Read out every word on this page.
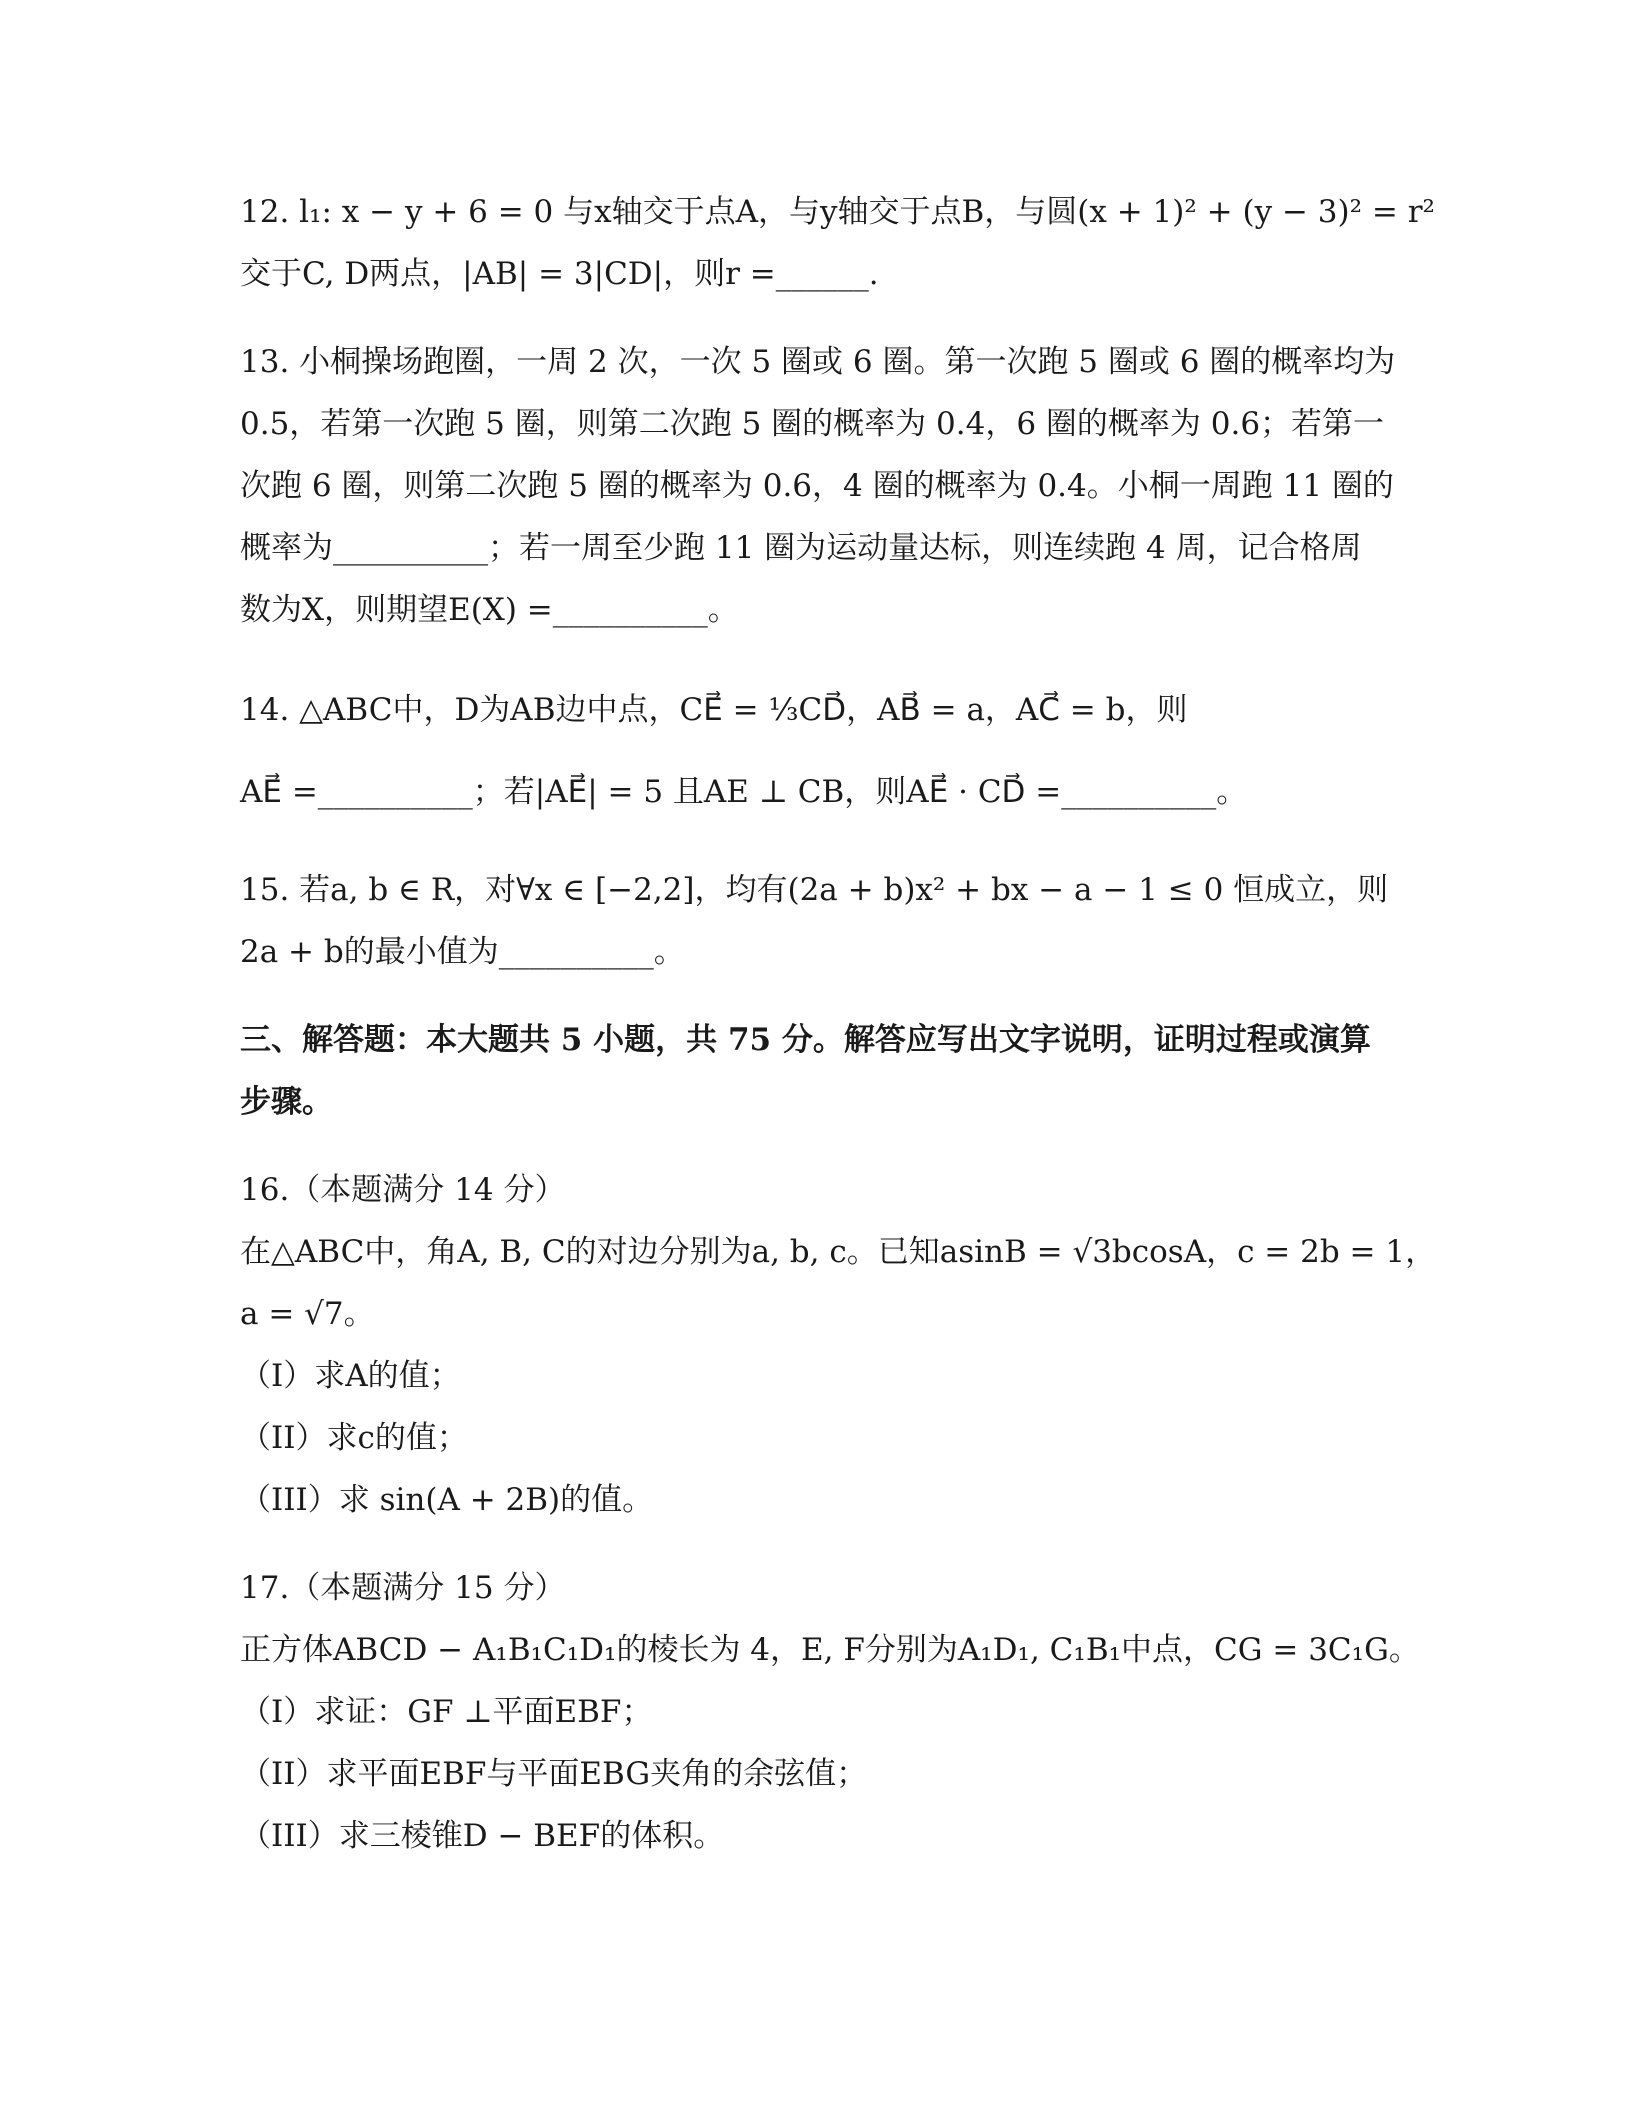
12. l₁: x − y + 6 = 0 与x轴交于点A，与y轴交于点B，与圆(x + 1)² + (y − 3)² = r²
交于C, D两点，|AB| = 3|CD|，则r =______.
13. 小桐操场跑圈，一周 2 次，一次 5 圈或 6 圈。第一次跑 5 圈或 6 圈的概率均为
0.5，若第一次跑 5 圈，则第二次跑 5 圈的概率为 0.4，6 圈的概率为 0.6；若第一
次跑 6 圈，则第二次跑 5 圈的概率为 0.6，4 圈的概率为 0.4。小桐一周跑 11 圈的
概率为__________；若一周至少跑 11 圈为运动量达标，则连续跑 4 周，记合格周
数为X，则期望E(X) =__________。
14. △ABC中，D为AB边中点，CE⃗ = ⅓CD⃗，AB⃗ = a，AC⃗ = b，则
AE⃗ =__________；若|AE⃗| = 5 且AE ⊥ CB，则AE⃗ · CD⃗ =__________。
15. 若a, b ∈ R，对∀x ∈ [−2,2]，均有(2a + b)x² + bx − a − 1 ≤ 0 恒成立，则
2a + b的最小值为__________。
三、解答题：本大题共 5 小题，共 75 分。解答应写出文字说明，证明过程或演算
步骤。
16.（本题满分 14 分）
在△ABC中，角A, B, C的对边分别为a, b, c。已知asinB = √3bcosA，c = 2b = 1，
a = √7。
（I）求A的值；
（II）求c的值；
（III）求 sin(A + 2B)的值。
17.（本题满分 15 分）
正方体ABCD − A₁B₁C₁D₁的棱长为 4，E, F分别为A₁D₁, C₁B₁中点，CG = 3C₁G。
（I）求证：GF ⊥平面EBF；
（II）求平面EBF与平面EBG夹角的余弦值；
（III）求三棱锥D − BEF的体积。
